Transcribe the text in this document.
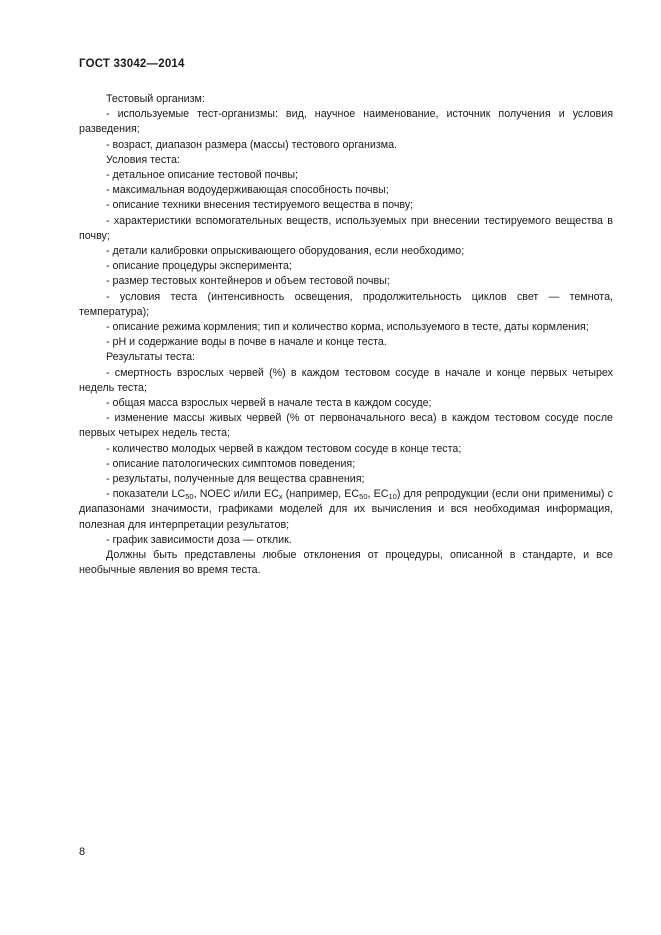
ГОСТ 33042—2014

Тестовый организм:

- используемые тест-организмы: вид, научное наименование, источник получения и условия разведения;

- возраст, диапазон размера (массы) тестового организма.

Условия теста:

- детальное описание тестовой почвы;

- максимальная водоудерживающая способность почвы;

- описание техники внесения тестируемого вещества в почву;

- характеристики вспомогательных веществ, используемых при внесении тестируемого вещества в почву;

- детали калибровки опрыскивающего оборудования, если необходимо;

- описание процедуры эксперимента;

- размер тестовых контейнеров и объем тестовой почвы;

- условия теста (интенсивность освещения, продолжительность циклов свет — темнота, температура);

- описание режима кормления; тип и количество корма, используемого в тесте, даты кормления;

- pH и содержание воды в почве в начале и конце теста.

Результаты теста:

- смертность взрослых червей (%) в каждом тестовом сосуде в начале и конце первых четырех недель теста;

- общая масса взрослых червей в начале теста в каждом сосуде;

- изменение массы живых червей (% от первоначального веса) в каждом тестовом сосуде после первых четырех недель теста;

- количество молодых червей в каждом тестовом сосуде в конце теста;

- описание патологических симптомов поведения;

- результаты, полученные для вещества сравнения;

- показатели $LC_{50}$, NOEC и/или $EC_x$ (например, $EC_{50}$, $EC_{10}$) для репродукции (если они применимы) с диапазонами значимости, графиками моделей для их вычисления и вся необходимая информация, полезная для интерпретации результатов;

- график зависимости доза — отклик.

Должны быть представлены любые отклонения от процедуры, описанной в стандарте, и все необычные явления во время теста.

8
